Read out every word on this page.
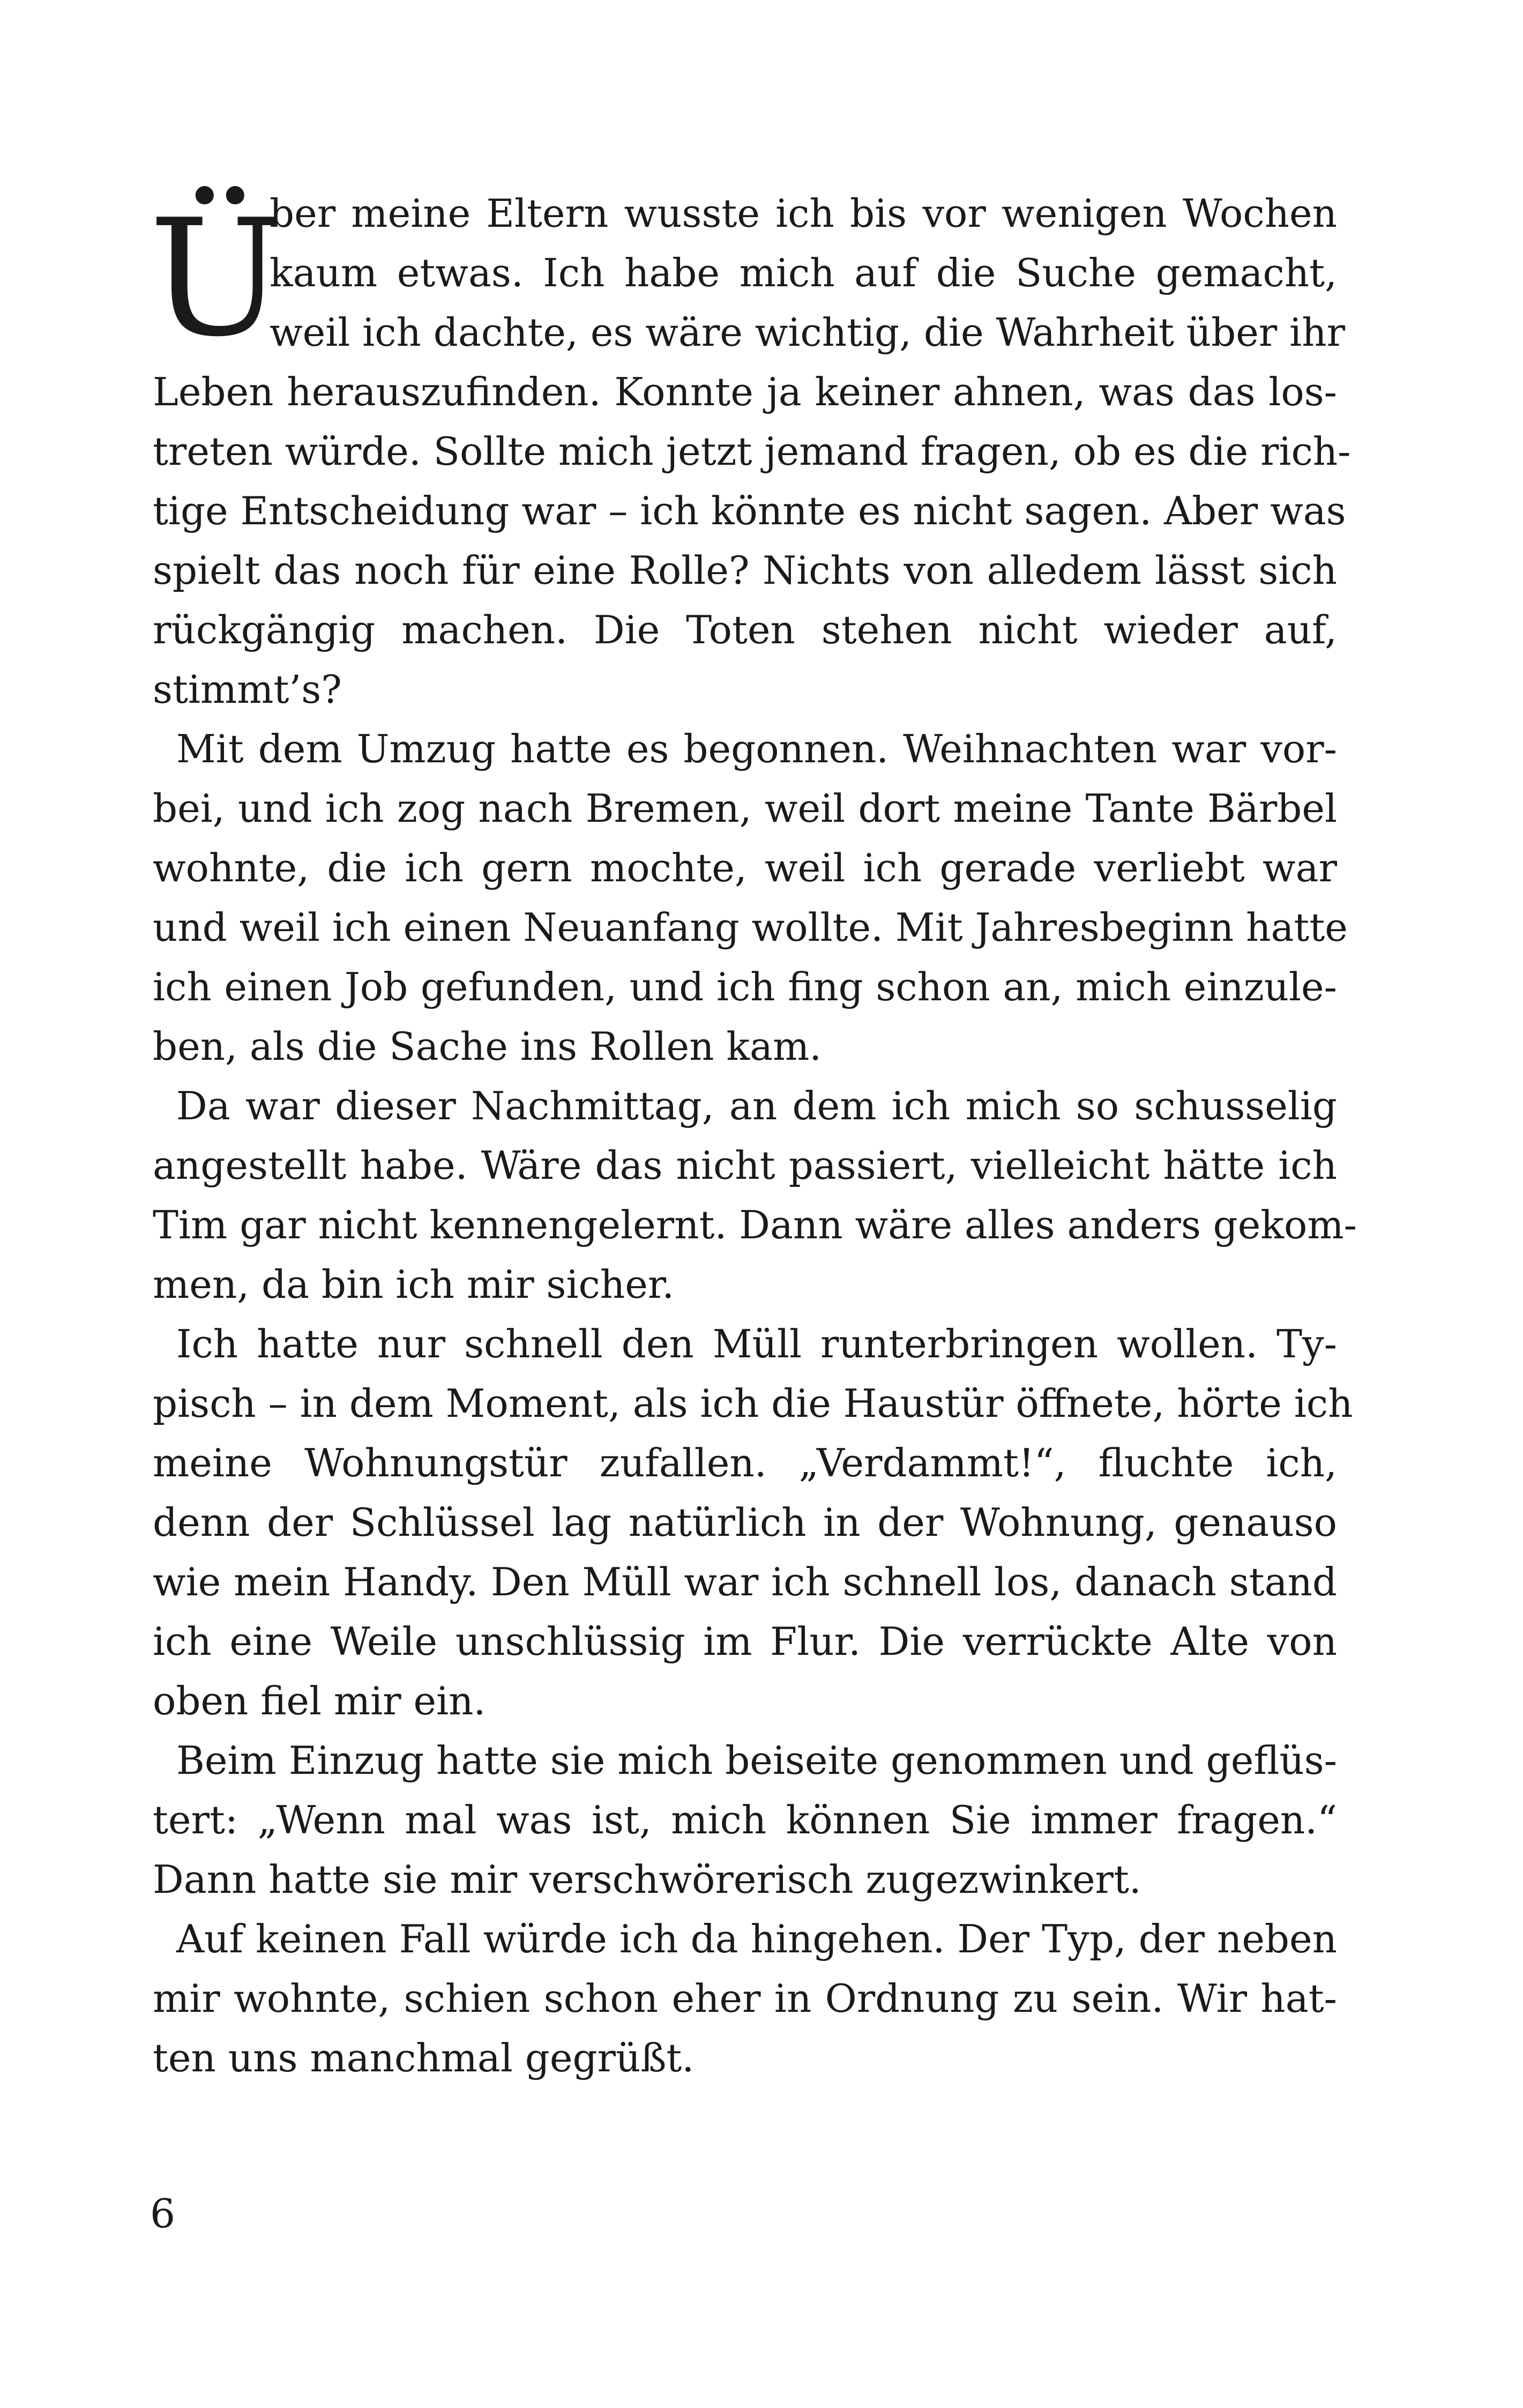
Ü
ber meine Eltern wusste ich bis vor wenigen Wochen
kaum etwas. Ich habe mich auf die Suche gemacht,
weil ich dachte, es wäre wichtig, die Wahrheit über ihr
Leben herauszufinden. Konnte ja keiner ahnen, was das los-
treten würde. Sollte mich jetzt jemand fragen, ob es die rich-
tige Entscheidung war – ich könnte es nicht sagen. Aber was
spielt das noch für eine Rolle? Nichts von alledem lässt sich
rückgängig machen. Die Toten stehen nicht wieder auf,
stimmt’s?
Mit dem Umzug hatte es begonnen. Weihnachten war vor-
bei, und ich zog nach Bremen, weil dort meine Tante Bärbel
wohnte, die ich gern mochte, weil ich gerade verliebt war
und weil ich einen Neuanfang wollte. Mit Jahresbeginn hatte
ich einen Job gefunden, und ich fing schon an, mich einzule-
ben, als die Sache ins Rollen kam.
Da war dieser Nachmittag, an dem ich mich so schusselig
angestellt habe. Wäre das nicht passiert, vielleicht hätte ich
Tim gar nicht kennengelernt. Dann wäre alles anders gekom-
men, da bin ich mir sicher.
Ich hatte nur schnell den Müll runterbringen wollen. Ty-
pisch – in dem Moment, als ich die Haustür öffnete, hörte ich
meine Wohnungstür zufallen. „Verdammt!“, fluchte ich,
denn der Schlüssel lag natürlich in der Wohnung, genauso
wie mein Handy. Den Müll war ich schnell los, danach stand
ich eine Weile unschlüssig im Flur. Die verrückte Alte von
oben fiel mir ein.
Beim Einzug hatte sie mich beiseite genommen und geflüs-
tert: „Wenn mal was ist, mich können Sie immer fragen.“
Dann hatte sie mir verschwörerisch zugezwinkert.
Auf keinen Fall würde ich da hingehen. Der Typ, der neben
mir wohnte, schien schon eher in Ordnung zu sein. Wir hat-
ten uns manchmal gegrüßt.
6
